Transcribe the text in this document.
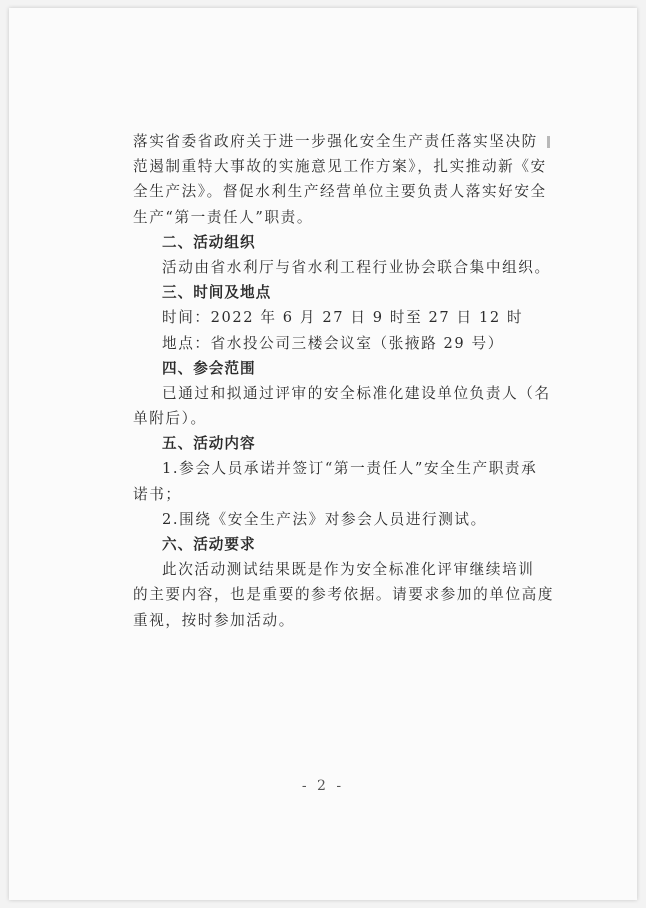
落实省委省政府关于进一步强化安全生产责任落实坚决防
范遏制重特大事故的实施意见工作方案》，扎实推动新《安
全生产法》。督促水利生产经营单位主要负责人落实好安全
生产“第一责任人”职责。
二、活动组织
活动由省水利厅与省水利工程行业协会联合集中组织。
三、时间及地点
时间：2022 年 6 月 27 日 9 时至 27 日 12 时
地点：省水投公司三楼会议室（张掖路 29 号）
四、参会范围
已通过和拟通过评审的安全标准化建设单位负责人（名
单附后）。
五、活动内容
1.参会人员承诺并签订“第一责任人”安全生产职责承
诺书；
2.围绕《安全生产法》对参会人员进行测试。
六、活动要求
此次活动测试结果既是作为安全标准化评审继续培训
的主要内容，也是重要的参考依据。请要求参加的单位高度
重视，按时参加活动。
- 2 -
